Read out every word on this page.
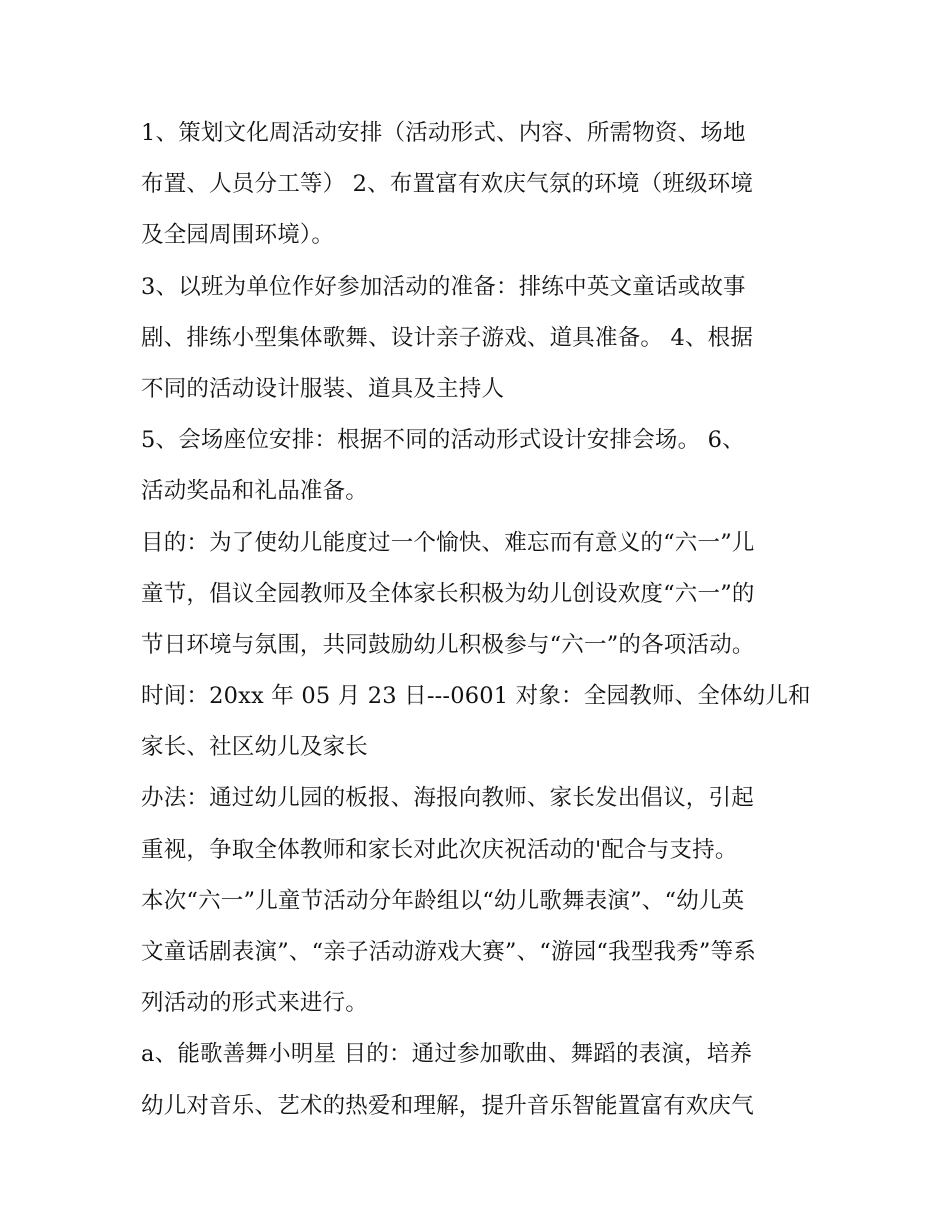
1、策划文化周活动安排（活动形式、内容、所需物资、场地
布置、人员分工等） 2、布置富有欢庆气氛的环境（班级环境
及全园周围环境）。
3、以班为单位作好参加活动的准备：排练中英文童话或故事
剧、排练小型集体歌舞、设计亲子游戏、道具准备。 4、根据
不同的活动设计服装、道具及主持人
5、会场座位安排：根据不同的活动形式设计安排会场。 6、
活动奖品和礼品准备。
目的：为了使幼儿能度过一个愉快、难忘而有意义的“六一”儿
童节，倡议全园教师及全体家长积极为幼儿创设欢度“六一”的
节日环境与氛围，共同鼓励幼儿积极参与“六一”的各项活动。
时间：20xx 年 05 月 23 日---0601 对象：全园教师、全体幼儿和
家长、社区幼儿及家长
办法：通过幼儿园的板报、海报向教师、家长发出倡议，引起
重视，争取全体教师和家长对此次庆祝活动的'配合与支持。
本次“六一”儿童节活动分年龄组以“幼儿歌舞表演”、“幼儿英
文童话剧表演”、“亲子活动游戏大赛”、“游园“我型我秀”等系
列活动的形式来进行。
a、能歌善舞小明星 目的：通过参加歌曲、舞蹈的表演，培养
幼儿对音乐、艺术的热爱和理解，提升音乐智能置富有欢庆气
